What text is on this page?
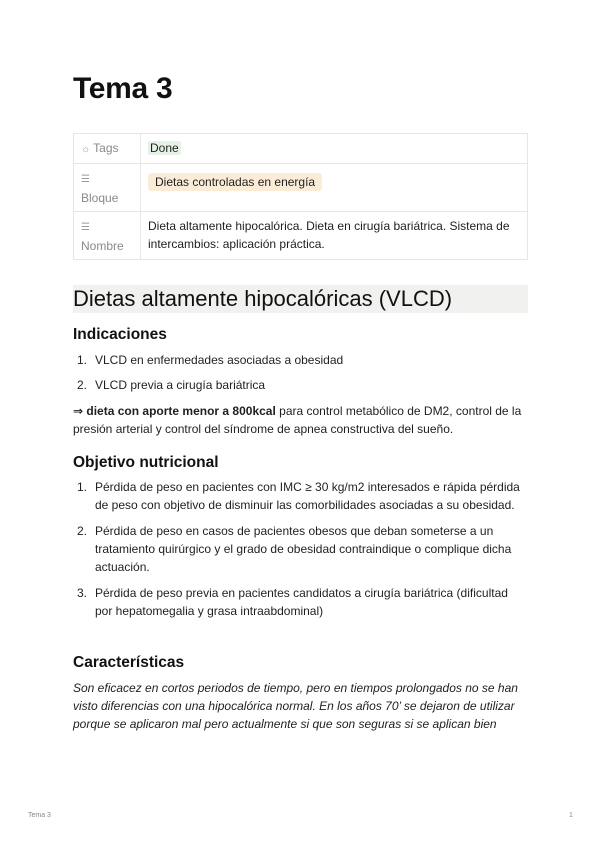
Tema 3
☼ Tags	Done
☰
Bloque	Dietas controladas en energía
☰
Nombre	Dieta altamente hipocalórica. Dieta en cirugía bariátrica. Sistema de intercambios: aplicación práctica.
Dietas altamente hipocalóricas (VLCD)
Indicaciones
1. VLCD en enfermedades asociadas a obesidad
2. VLCD previa a cirugía bariátrica
⇒ dieta con aporte menor a 800kcal para control metabólico de DM2, control de la presión arterial y control del síndrome de apnea constructiva del sueño.
Objetivo nutricional
1. Pérdida de peso en pacientes con IMC ≥ 30 kg/m2 interesados e rápida pérdida de peso con objetivo de disminuir las comorbilidades asociadas a su obesidad.
2. Pérdida de peso en casos de pacientes obesos que deban someterse a un tratamiento quirúrgico y el grado de obesidad contraindique o complique dicha actuación.
3. Pérdida de peso previa en pacientes candidatos a cirugía bariátrica (dificultad por hepatomegalia y grasa intraabdominal)
Características
Son eficacez en cortos periodos de tiempo, pero en tiempos prolongados no se han visto diferencias con una hipocalórica normal. En los años 70’ se dejaron de utilizar porque se aplicaron mal pero actualmente si que son seguras si se aplican bien
Tema 3	1
